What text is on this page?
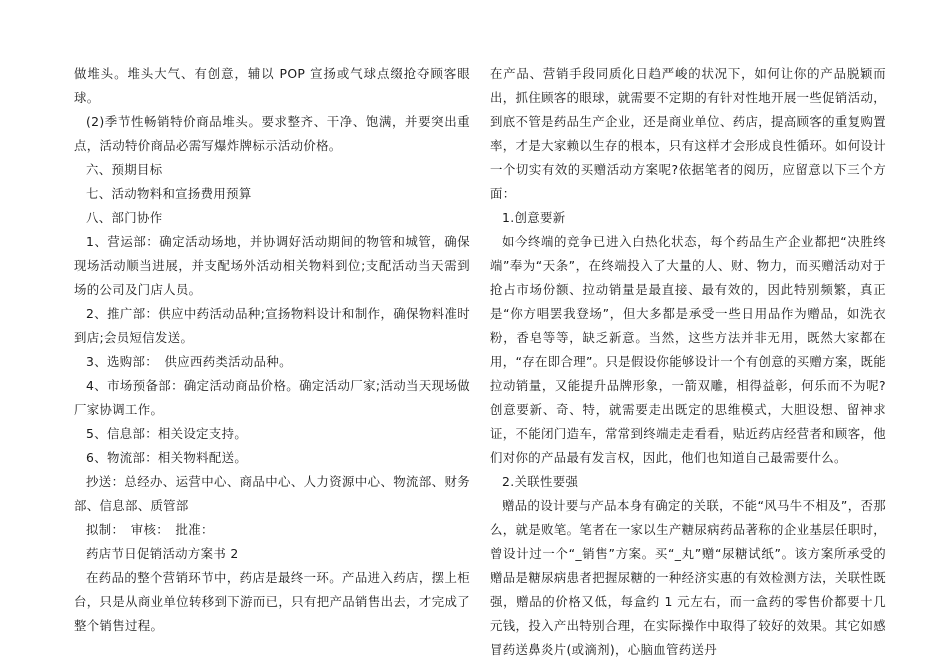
做堆头。堆头大气、有创意，辅以 POP 宣扬或气球点缀抢夺顾客眼球。

(2)季节性畅销特价商品堆头。要求整齐、干净、饱满，并要突出重点，活动特价商品必需写爆炸牌标示活动价格。

六、预期目标

七、活动物料和宣扬费用预算

八、部门协作

1、营运部：确定活动场地，并协调好活动期间的物管和城管，确保现场活动顺当进展，并支配场外活动相关物料到位;支配活动当天需到场的公司及门店人员。

2、推广部：供应中药活动品种;宣扬物料设计和制作，确保物料准时到店;会员短信发送。

3、选购部：　供应西药类活动品种。

4、市场预备部：确定活动商品价格。确定活动厂家;活动当天现场做厂家协调工作。

5、信息部：相关设定支持。

6、物流部：相关物料配送。

抄送：总经办、运营中心、商品中心、人力资源中心、物流部、财务部、信息部、质管部

拟制：　审核：　批准：

药店节日促销活动方案书 2

在药品的整个营销环节中，药店是最终一环。产品进入药店，摆上柜台，只是从商业单位转移到下游而已，只有把产品销售出去，才完成了整个销售过程。

在产品、营销手段同质化日趋严峻的状况下，如何让你的产品脱颖而出，抓住顾客的眼球，就需要不定期的有针对性地开展一些促销活动，到底不管是药品生产企业，还是商业单位、药店，提高顾客的重复购置率，才是大家赖以生存的根本，只有这样才会形成良性循环。如何设计一个切实有效的买赠活动方案呢?依据笔者的阅历，应留意以下三个方面：

1.创意要新

如今终端的竞争已进入白热化状态，每个药品生产企业都把“决胜终端”奉为“天条”，在终端投入了大量的人、财、物力，而买赠活动对于抢占市场份额、拉动销量是最直接、最有效的，因此特别频繁，真正是“你方唱罢我登场”，但大多都是承受一些日用品作为赠品，如洗衣粉，香皂等等，缺乏新意。当然，这些方法并非无用，既然大家都在用，“存在即合理”。只是假设你能够设计一个有创意的买赠方案，既能拉动销量，又能提升品牌形象，一箭双雕，相得益彰，何乐而不为呢?创意要新、奇、特，就需要走出既定的思维模式，大胆设想、留神求证，不能闭门造车，常常到终端走走看看，贴近药店经营者和顾客，他们对你的产品最有发言权，因此，他们也知道自己最需要什么。

2.关联性要强

赠品的设计要与产品本身有确定的关联，不能“风马牛不相及”，否那么，就是败笔。笔者在一家以生产糖尿病药品著称的企业基层任职时，曾设计过一个“_销售”方案。买“_丸”赠“尿糖试纸”。该方案所承受的赠品是糖尿病患者把握尿糖的一种经济实惠的有效检测方法，关联性既强，赠品的价格又低，每盒约 1 元左右，而一盒药的零售价都要十几元钱，投入产出特别合理，在实际操作中取得了较好的效果。其它如感冒药送鼻炎片(或滴剂)，心脑血管药送丹
